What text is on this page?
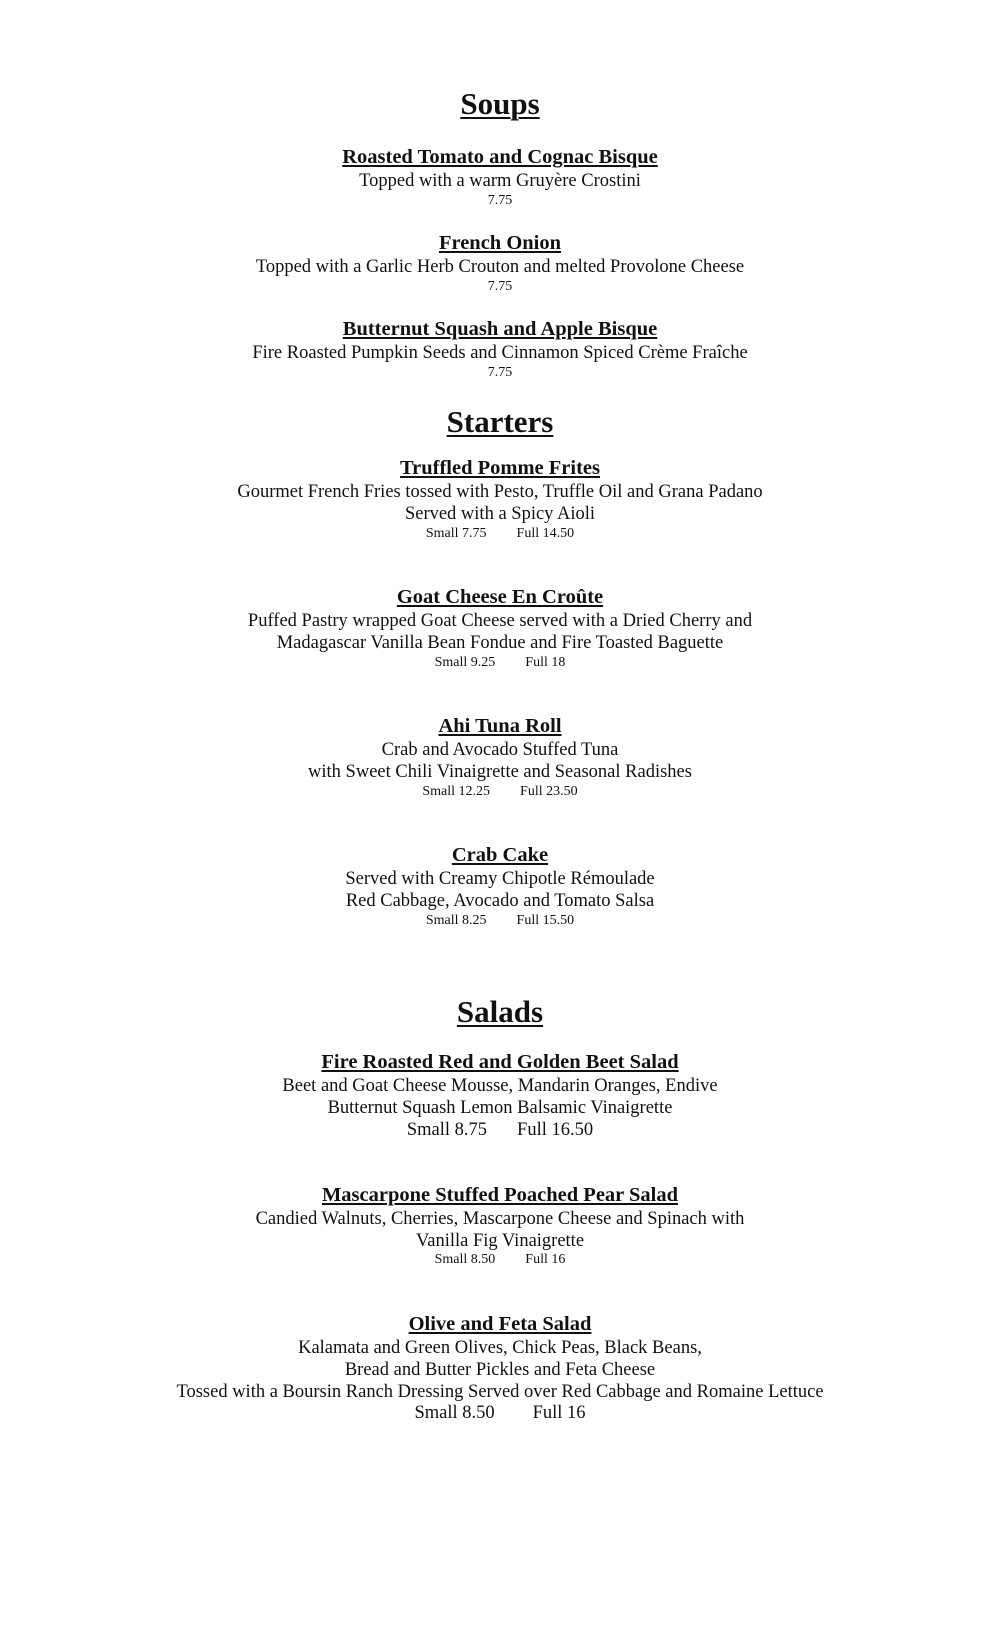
Soups
Roasted Tomato and Cognac Bisque
Topped with a warm Gruyère Crostini
7.75
French Onion
Topped with a Garlic Herb Crouton and melted Provolone Cheese
7.75
Butternut Squash and Apple Bisque
Fire Roasted Pumpkin Seeds and Cinnamon Spiced Crème Fraîche
7.75
Starters
Truffled Pomme Frites
Gourmet French Fries tossed with Pesto, Truffle Oil and Grana Padano
Served with a Spicy Aioli
Small 7.75 Full 14.50
Goat Cheese En Croûte
Puffed Pastry wrapped Goat Cheese served with a Dried Cherry and
Madagascar Vanilla Bean Fondue and Fire Toasted Baguette
Small 9.25 Full 18
Ahi Tuna Roll
Crab and Avocado Stuffed Tuna
with Sweet Chili Vinaigrette and Seasonal Radishes
Small 12.25 Full 23.50
Crab Cake
Served with Creamy Chipotle Rémoulade
Red Cabbage, Avocado and Tomato Salsa
Small 8.25 Full 15.50
Salads
Fire Roasted Red and Golden Beet Salad
Beet and Goat Cheese Mousse, Mandarin Oranges, Endive
Butternut Squash Lemon Balsamic Vinaigrette
Small 8.75 Full 16.50
Mascarpone Stuffed Poached Pear Salad
Candied Walnuts, Cherries, Mascarpone Cheese and Spinach with
Vanilla Fig Vinaigrette
Small 8.50 Full 16
Olive and Feta Salad
Kalamata and Green Olives, Chick Peas, Black Beans,
Bread and Butter Pickles and Feta Cheese
Tossed with a Boursin Ranch Dressing Served over Red Cabbage and Romaine Lettuce
Small 8.50 Full 16
